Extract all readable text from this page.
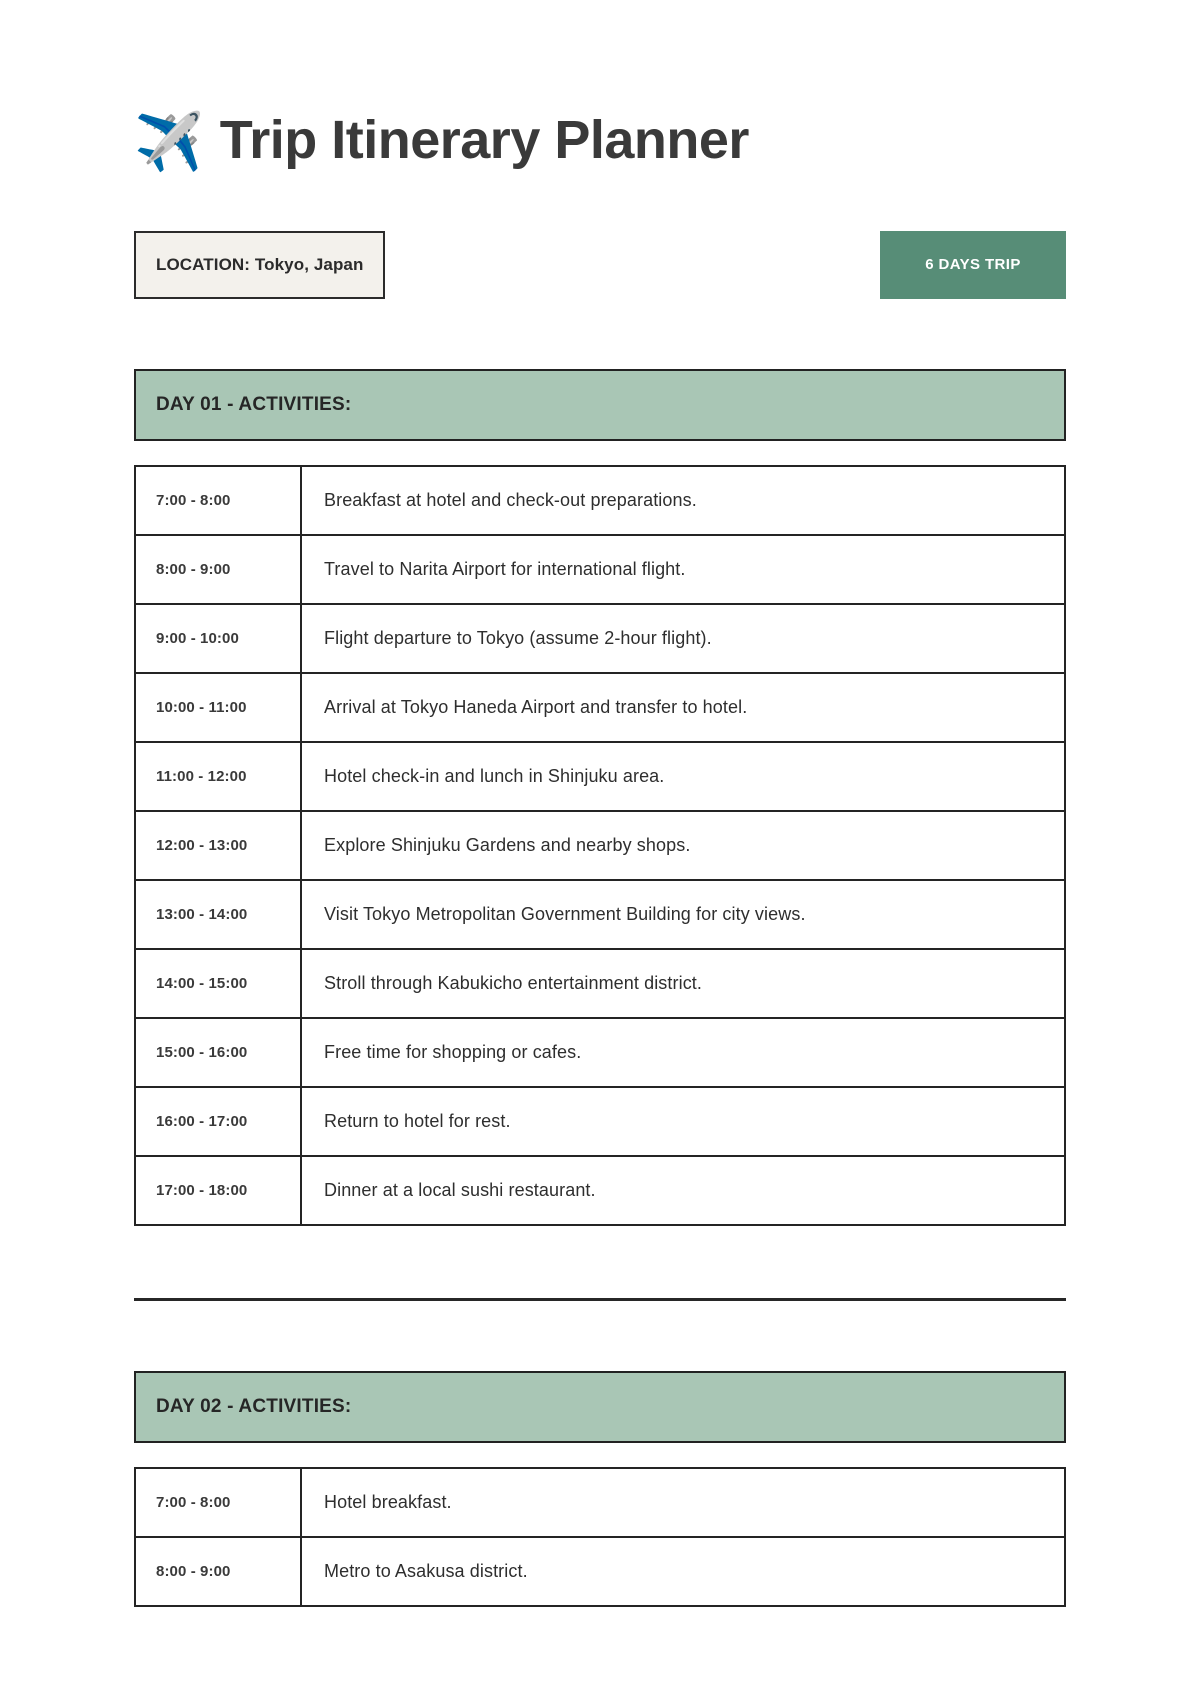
✈️ Trip Itinerary Planner
LOCATION: Tokyo, Japan	6 DAYS TRIP
DAY 01 - ACTIVITIES:
7:00 - 8:00	Breakfast at hotel and check-out preparations.
8:00 - 9:00	Travel to Narita Airport for international flight.
9:00 - 10:00	Flight departure to Tokyo (assume 2-hour flight).
10:00 - 11:00	Arrival at Tokyo Haneda Airport and transfer to hotel.
11:00 - 12:00	Hotel check-in and lunch in Shinjuku area.
12:00 - 13:00	Explore Shinjuku Gardens and nearby shops.
13:00 - 14:00	Visit Tokyo Metropolitan Government Building for city views.
14:00 - 15:00	Stroll through Kabukicho entertainment district.
15:00 - 16:00	Free time for shopping or cafes.
16:00 - 17:00	Return to hotel for rest.
17:00 - 18:00	Dinner at a local sushi restaurant.
DAY 02 - ACTIVITIES:
7:00 - 8:00	Hotel breakfast.
8:00 - 9:00	Metro to Asakusa district.
